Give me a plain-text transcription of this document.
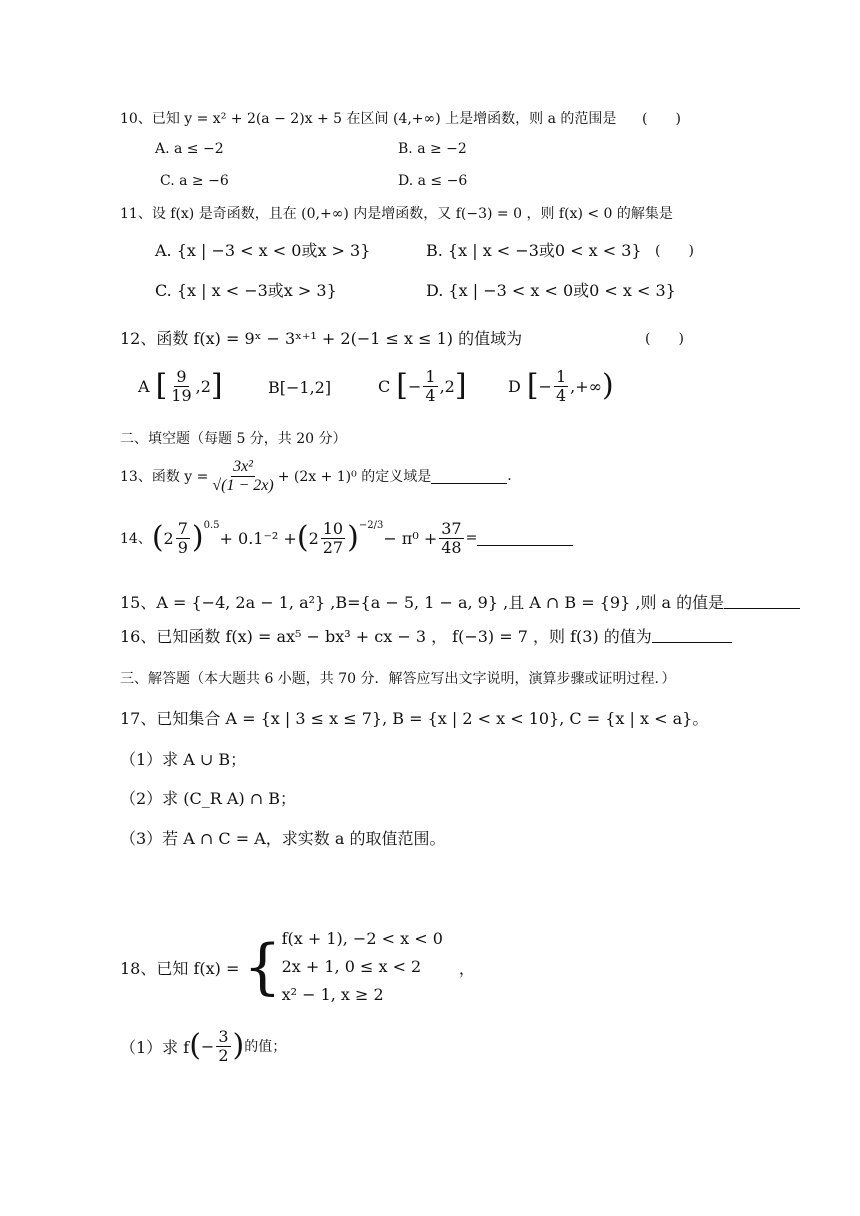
10、已知 y = x² + 2(a − 2)x + 5 在区间 (4,+∞) 上是增函数，则 a 的范围是 (　　)
A. a ≤ −2	B. a ≥ −2
C. a ≥ −6	D. a ≤ −6
11、设 f(x) 是奇函数，且在 (0,+∞) 内是增函数，又 f(−3) = 0 ，则 f(x) < 0 的解集是
(　　)
A. {x | −3 < x < 0或x > 3}	B. {x | x < −3或0 < x < 3}
C. {x | x < −3或x > 3}	D. {x | −3 < x < 0或0 < x < 3}
12、函数 f(x) = 9ˣ − 3ˣ⁺¹ + 2(−1 ≤ x ≤ 1) 的值域为	(　　)
A [ $\frac{9}{19} ,2$ ]	B [−1,2]	C [ − $\frac{1}{4} ,2$ ]	D [ − $\frac{1}{4}$ ,+∞ )
二、填空题（每题 5 分，共 20 分）
13、函数 $y = \frac{\text{3x²}}{√(1 - 2x)} + (2x + 1)^0$ 的定义域是	.
14、 ( $2 \frac{7}{9} )^{0.5}$
+ 0.1⁻² + ( $2 \frac{10}{27} )^{-2/3}$
− $\pi^0 + \frac{37}{48}$ =
15、A = {−4, 2a − 1, a²} ,B={a − 5, 1 − a, 9} ,且 A ∩ B = {9} ,则 a 的值是
16、已知函数 f(x) = ax⁵ − bx³ + cx − 3 ， f(−3) = 7 ，则 f(3) 的值为
三、解答题（本大题共 6 小题，共 70 分．解答应写出文字说明，演算步骤或证明过程．）
17、已知集合 A = {x | 3 ≤ x ≤ 7}, B = {x | 2 < x < 10}, C = {x | x < a}。
（1）求 A ∪ B；
（2）求 (C_R A) ∩ B；
（3）若 A ∩ C = A，求实数 a 的取值范围。
18、已知 f(x) = { f(x + 1), −2 < x < 0
2x + 1, 0 ≤ x < 2
x² − 1, x ≥ 2
，
（1）求 f ( − $\frac{3}{2}$ ) 的值；
